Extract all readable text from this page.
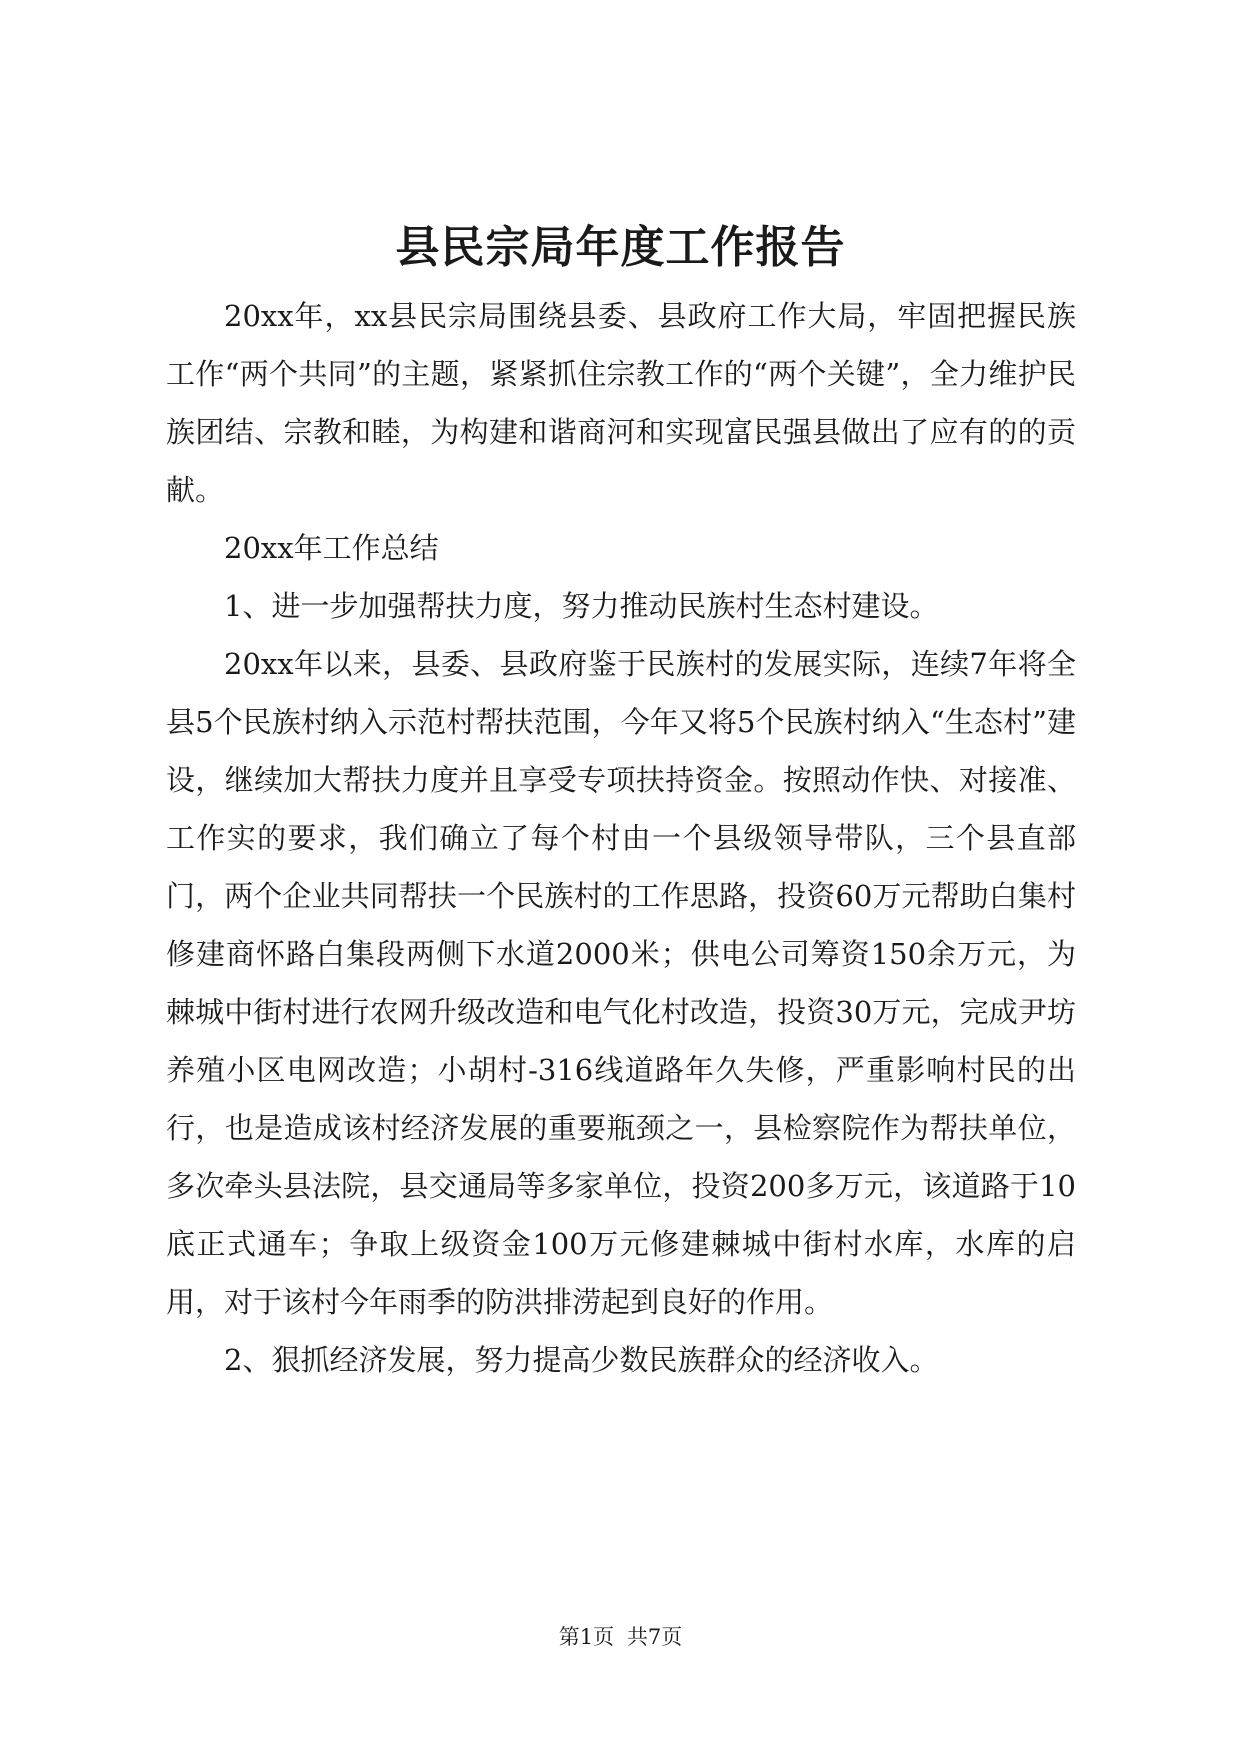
县民宗局年度工作报告

20xx年，xx县民宗局围绕县委、县政府工作大局，牢固把握民族工作“两个共同”的主题，紧紧抓住宗教工作的“两个关键”，全力维护民族团结、宗教和睦，为构建和谐商河和实现富民强县做出了应有的的贡献。

20xx年工作总结

1、进一步加强帮扶力度，努力推动民族村生态村建设。

20xx年以来，县委、县政府鉴于民族村的发展实际，连续7年将全县5个民族村纳入示范村帮扶范围，今年又将5个民族村纳入“生态村”建设，继续加大帮扶力度并且享受专项扶持资金。按照动作快、对接准、工作实的要求，我们确立了每个村由一个县级领导带队，三个县直部门，两个企业共同帮扶一个民族村的工作思路，投资60万元帮助白集村修建商怀路白集段两侧下水道2000米；供电公司筹资150余万元，为棘城中街村进行农网升级改造和电气化村改造，投资30万元，完成尹坊养殖小区电网改造；小胡村-316线道路年久失修，严重影响村民的出行，也是造成该村经济发展的重要瓶颈之一，县检察院作为帮扶单位，多次牵头县法院，县交通局等多家单位，投资200多万元，该道路于10底正式通车；争取上级资金100万元修建棘城中街村水库，水库的启用，对于该村今年雨季的防洪排涝起到良好的作用。

2、狠抓经济发展，努力提高少数民族群众的经济收入。

第1页 共7页
